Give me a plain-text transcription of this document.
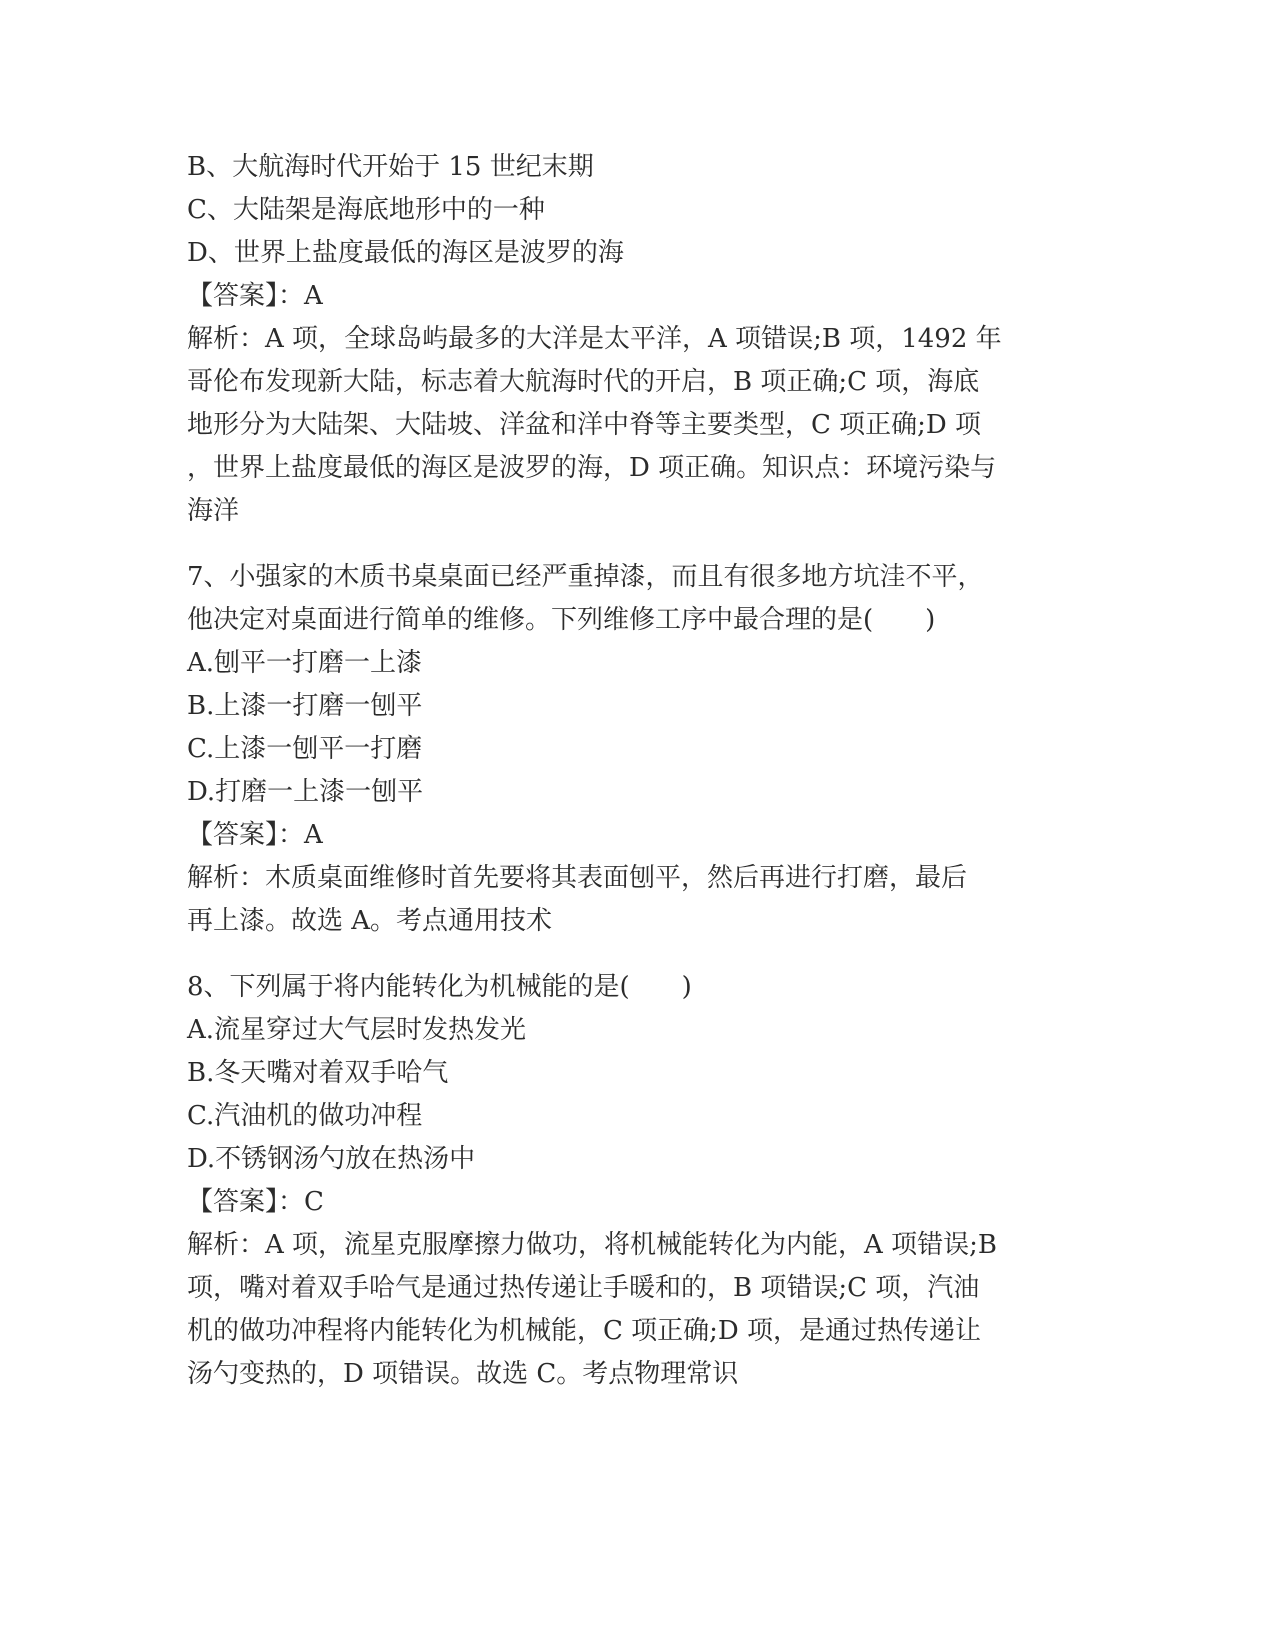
B、大航海时代开始于 15 世纪末期
C、大陆架是海底地形中的一种
D、世界上盐度最低的海区是波罗的海
【答案】：A
解析：A 项，全球岛屿最多的大洋是太平洋，A 项错误;B 项，1492 年
哥伦布发现新大陆，标志着大航海时代的开启，B 项正确;C 项，海底
地形分为大陆架、大陆坡、洋盆和洋中脊等主要类型，C 项正确;D 项
，世界上盐度最低的海区是波罗的海，D 项正确。知识点：环境污染与
海洋
7、小强家的木质书桌桌面已经严重掉漆，而且有很多地方坑洼不平，
他决定对桌面进行简单的维修。下列维修工序中最合理的是(　　)
A.刨平一打磨一上漆
B.上漆一打磨一刨平
C.上漆一刨平一打磨
D.打磨一上漆一刨平
【答案】：A
解析：木质桌面维修时首先要将其表面刨平，然后再进行打磨，最后
再上漆。故选 A。考点通用技术
8、下列属于将内能转化为机械能的是(　　)
A.流星穿过大气层时发热发光
B.冬天嘴对着双手哈气
C.汽油机的做功冲程
D.不锈钢汤勺放在热汤中
【答案】：C
解析：A 项，流星克服摩擦力做功，将机械能转化为内能，A 项错误;B
项，嘴对着双手哈气是通过热传递让手暖和的，B 项错误;C 项，汽油
机的做功冲程将内能转化为机械能，C 项正确;D 项，是通过热传递让
汤勺变热的，D 项错误。故选 C。考点物理常识
